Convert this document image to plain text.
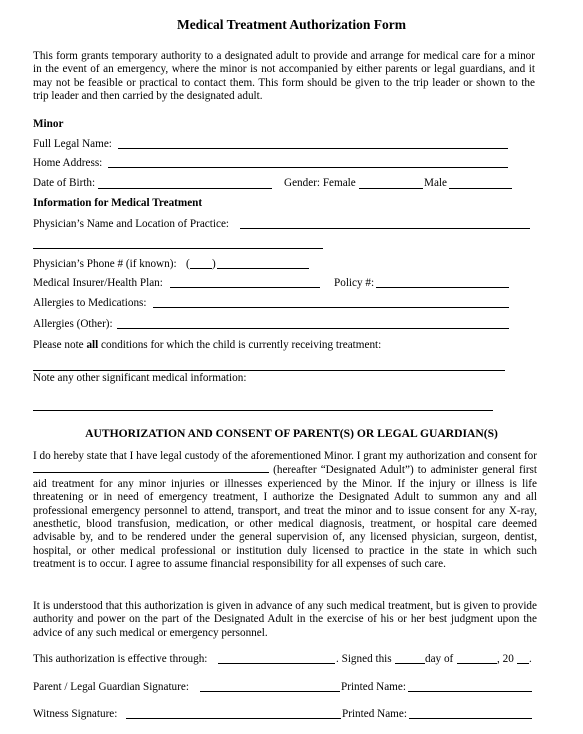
Medical Treatment Authorization Form
This form grants temporary authority to a designated adult to provide and arrange for medical care for a minor in the event of an emergency, where the minor is not accompanied by either parents or legal guardians, and it may not be feasible or practical to contact them. This form should be given to the trip leader or shown to the trip leader and then carried by the designated adult.
Minor
Full Legal Name:
Home Address:
Date of Birth:	Gender: Female	Male
Information for Medical Treatment
Physician’s Name and Location of Practice:
Physician’s Phone # (if known): ( )
Medical Insurer/Health Plan:	Policy #:
Allergies to Medications:
Allergies (Other):
Please note all conditions for which the child is currently receiving treatment:
Note any other significant medical information:
AUTHORIZATION AND CONSENT OF PARENT(S) OR LEGAL GUARDIAN(S)
I do hereby state that I have legal custody of the aforementioned Minor. I grant my authorization and consent for  (hereafter “Designated Adult”) to administer general first aid treatment for any minor injuries or illnesses experienced by the Minor. If the injury or illness is life threatening or in need of emergency treatment, I authorize the Designated Adult to summon any and all professional emergency personnel to attend, transport, and treat the minor and to issue consent for any X-ray, anesthetic, blood transfusion, medication, or other medical diagnosis, treatment, or hospital care deemed advisable by, and to be rendered under the general supervision of, any licensed physician, surgeon, dentist, hospital, or other medical professional or institution duly licensed to practice in the state in which such treatment is to occur. I agree to assume financial responsibility for all expenses of such care.
It is understood that this authorization is given in advance of any such medical treatment, but is given to provide authority and power on the part of the Designated Adult in the exercise of his or her best judgment upon the advice of any such medical or emergency personnel.
This authorization is effective through:	. Signed this	day of	, 20 .
Parent / Legal Guardian Signature:	Printed Name:
Witness Signature:	Printed Name:
